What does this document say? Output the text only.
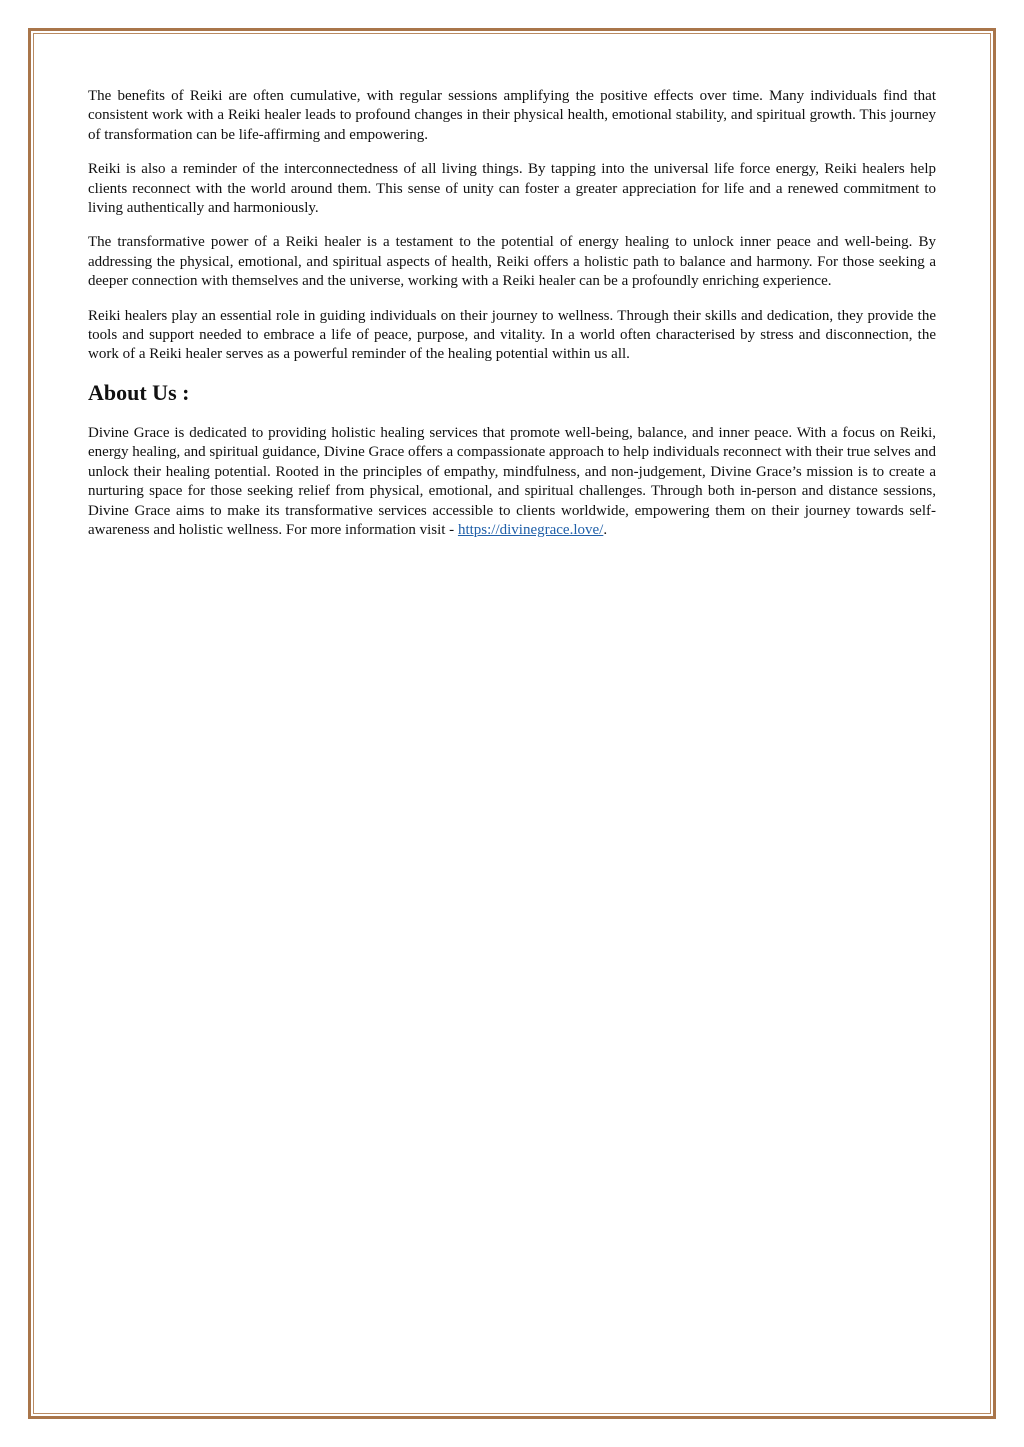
The benefits of Reiki are often cumulative, with regular sessions amplifying the positive effects over time. Many individuals find that consistent work with a Reiki healer leads to profound changes in their physical health, emotional stability, and spiritual growth. This journey of transformation can be life-affirming and empowering.

Reiki is also a reminder of the interconnectedness of all living things. By tapping into the universal life force energy, Reiki healers help clients reconnect with the world around them. This sense of unity can foster a greater appreciation for life and a renewed commitment to living authentically and harmoniously.

The transformative power of a Reiki healer is a testament to the potential of energy healing to unlock inner peace and well-being. By addressing the physical, emotional, and spiritual aspects of health, Reiki offers a holistic path to balance and harmony. For those seeking a deeper connection with themselves and the universe, working with a Reiki healer can be a profoundly enriching experience.

Reiki healers play an essential role in guiding individuals on their journey to wellness. Through their skills and dedication, they provide the tools and support needed to embrace a life of peace, purpose, and vitality. In a world often characterised by stress and disconnection, the work of a Reiki healer serves as a powerful reminder of the healing potential within us all.

About Us :

Divine Grace is dedicated to providing holistic healing services that promote well-being, balance, and inner peace. With a focus on Reiki, energy healing, and spiritual guidance, Divine Grace offers a compassionate approach to help individuals reconnect with their true selves and unlock their healing potential. Rooted in the principles of empathy, mindfulness, and non-judgement, Divine Grace’s mission is to create a nurturing space for those seeking relief from physical, emotional, and spiritual challenges. Through both in-person and distance sessions, Divine Grace aims to make its transformative services accessible to clients worldwide, empowering them on their journey towards self-awareness and holistic wellness. For more information visit - https://divinegrace.love/.
